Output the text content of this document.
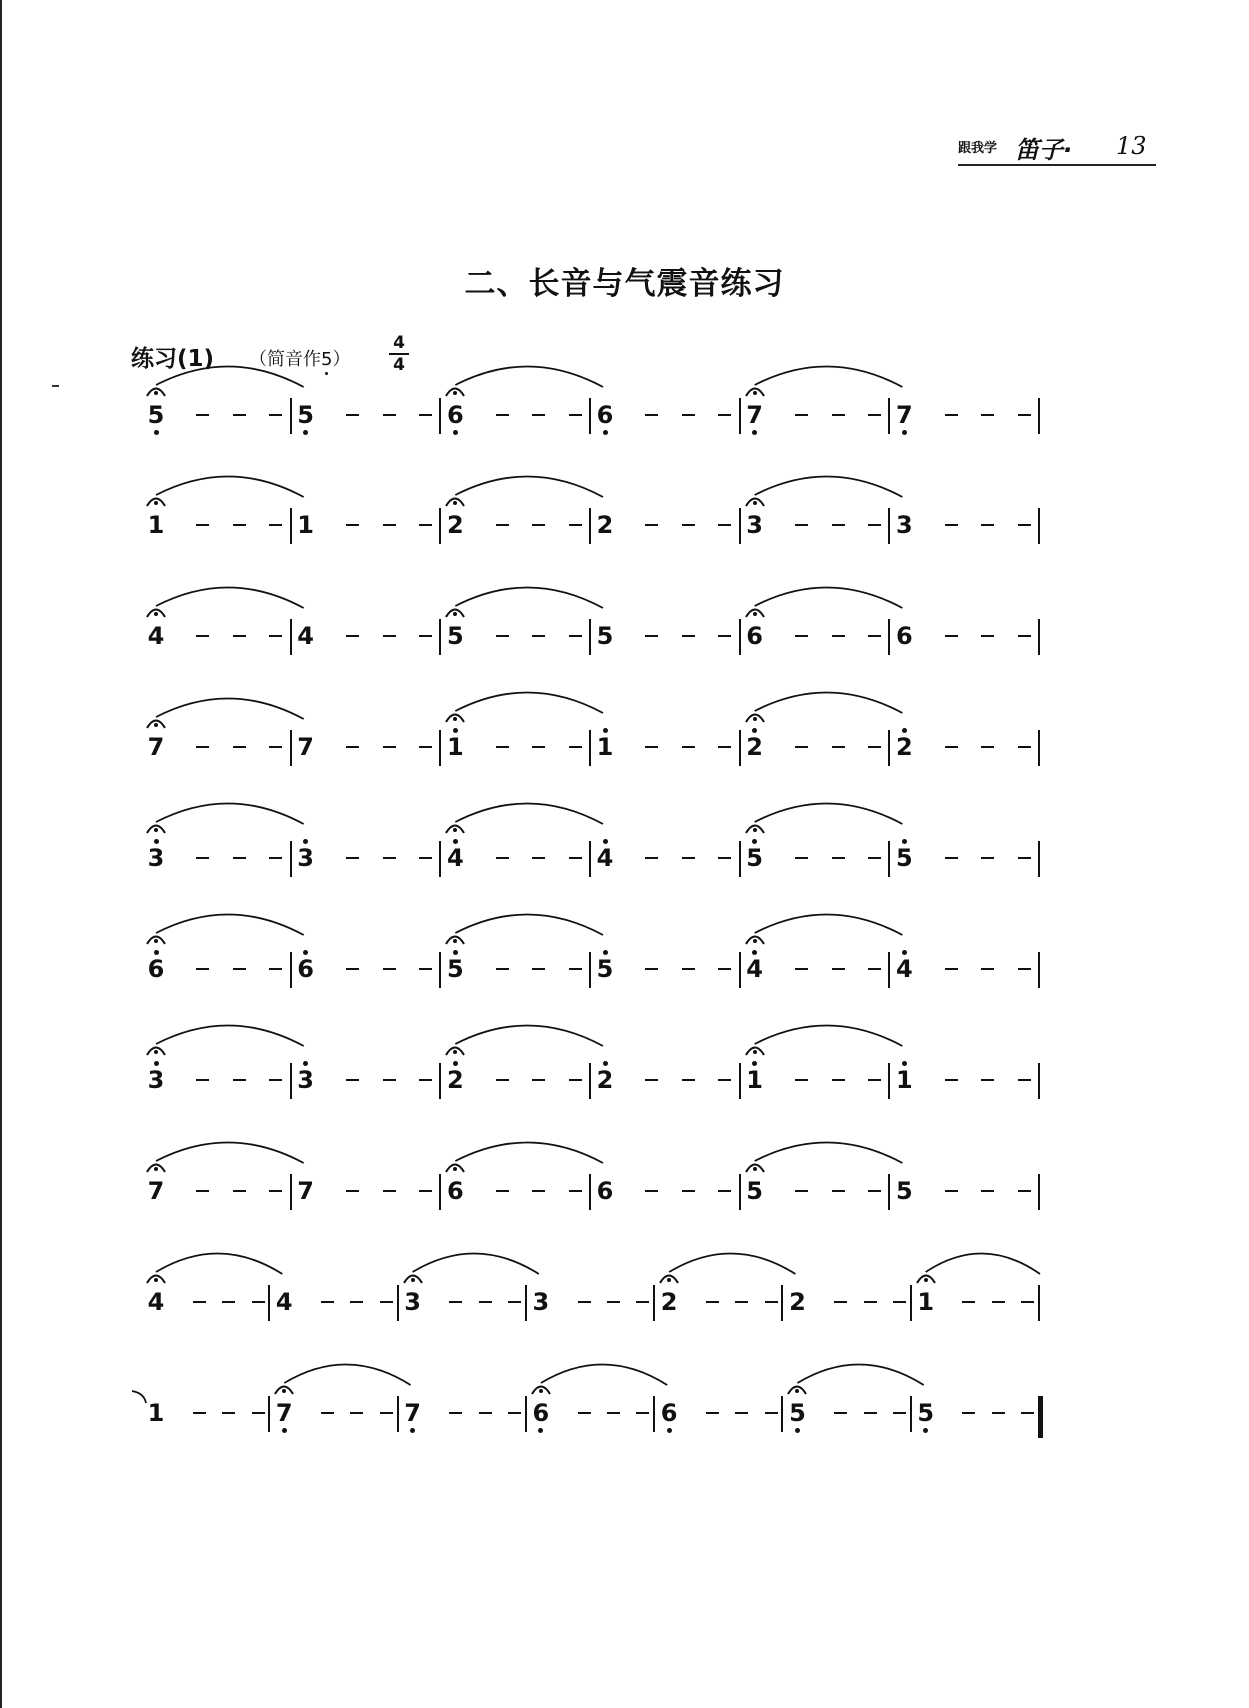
跟我学 笛子· 13
二、长音与气震音练习
练习(1) （简音作$5) \frac{4}{4}$
5	5	6	6	7	7
1	1	2	2	3	3
4	4	5	5	6	6
7	7	1	1	2	2
3	3	4	4	5	5
6	6	5	5	4	4
3	3	2	2	1	1
7	7	6	6	5	5
4	4	3	3	2	2	1
1	7	7	6	6	5	5
